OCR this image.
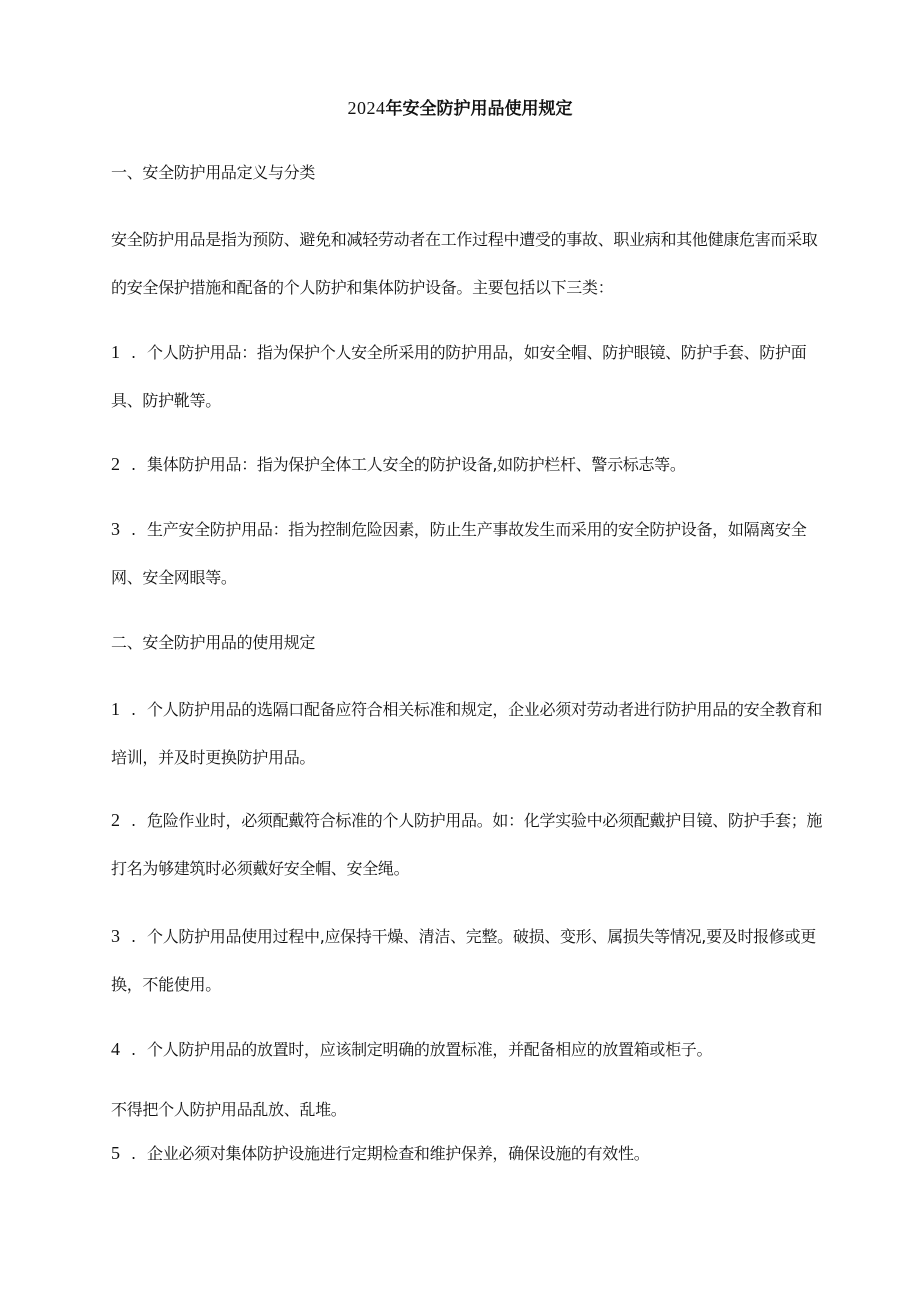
2024年安全防护用品使用规定

一、安全防护用品定义与分类

安全防护用品是指为预防、避免和减轻劳动者在工作过程中遭受的事故、职业病和其他健康危害而采取的安全保护措施和配备的个人防护和集体防护设备。主要包括以下三类：

1 . 个人防护用品：指为保护个人安全所采用的防护用品，如安全帽、防护眼镜、防护手套、防护面具、防护靴等。

2 . 集体防护用品：指为保护全体工人安全的防护设备,如防护栏杆、警示标志等。

3 . 生产安全防护用品：指为控制危险因素，防止生产事故发生而采用的安全防护设备，如隔离安全网、安全网眼等。

二、安全防护用品的使用规定

1 . 个人防护用品的选隔口配备应符合相关标准和规定，企业必须对劳动者进行防护用品的安全教育和培训，并及时更换防护用品。

2 . 危险作业时，必须配戴符合标准的个人防护用品。如：化学实验中必须配戴护目镜、防护手套；施打名为够建筑时必须戴好安全帽、安全绳。

3 . 个人防护用品使用过程中,应保持干燥、清洁、完整。破损、变形、属损失等情况,要及时报修或更换，不能使用。

4 . 个人防护用品的放置时，应该制定明确的放置标准，并配备相应的放置箱或柜子。

不得把个人防护用品乱放、乱堆。

5 . 企业必须对集体防护设施进行定期检查和维护保养，确保设施的有效性。
